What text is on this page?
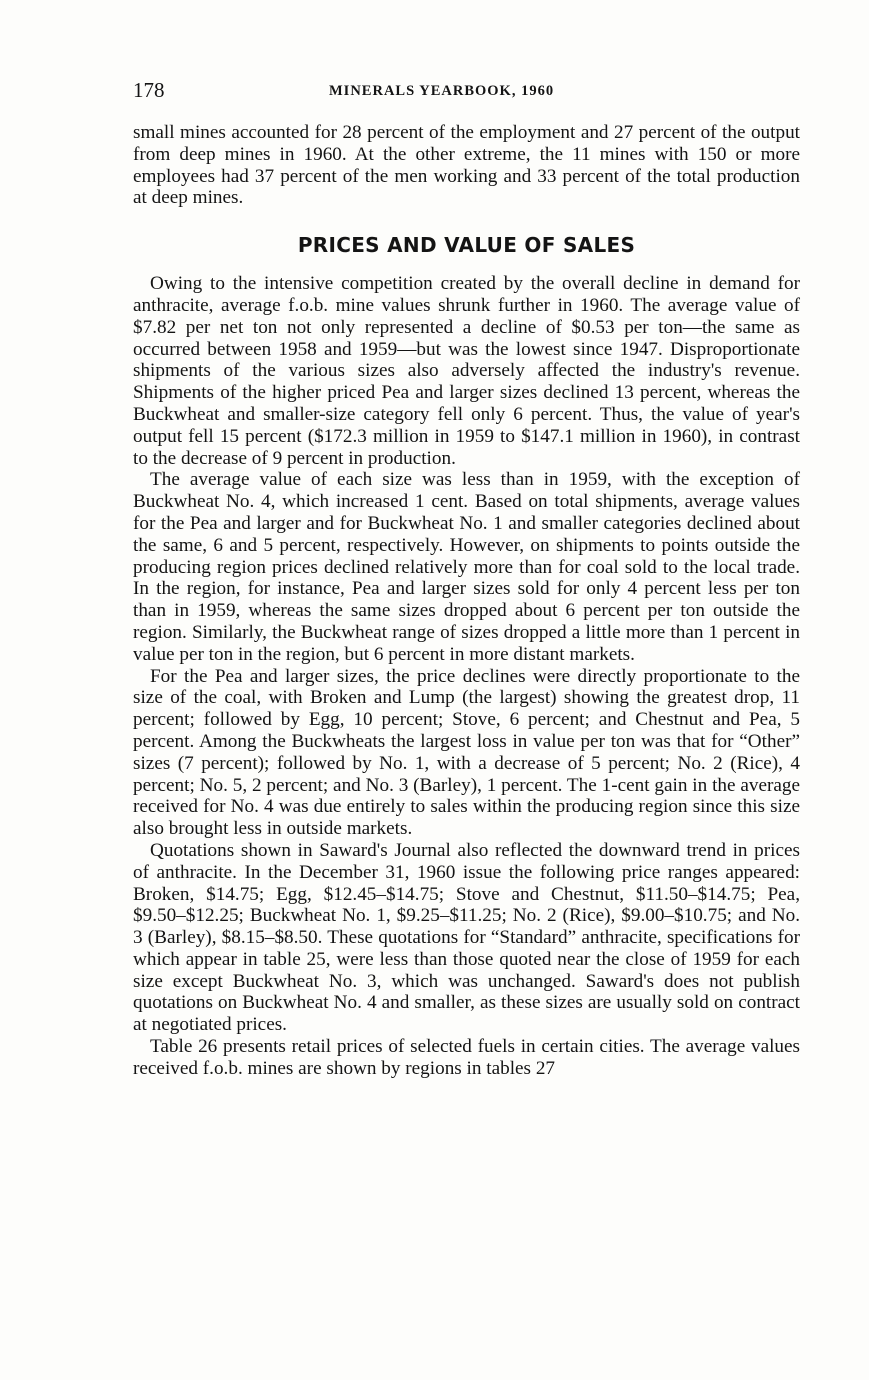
178	MINERALS YEARBOOK, 1960

small mines accounted for 28 percent of the employment and 27 percent of the output from deep mines in 1960. At the other extreme, the 11 mines with 150 or more employees had 37 percent of the men working and 33 percent of the total production at deep mines.

PRICES AND VALUE OF SALES

Owing to the intensive competition created by the overall decline in demand for anthracite, average f.o.b. mine values shrunk further in 1960. The average value of $7.82 per net ton not only represented a decline of $0.53 per ton—the same as occurred between 1958 and 1959—but was the lowest since 1947. Disproportionate shipments of the various sizes also adversely affected the industry's revenue. Shipments of the higher priced Pea and larger sizes declined 13 percent, whereas the Buckwheat and smaller-size category fell only 6 percent. Thus, the value of year's output fell 15 percent ($172.3 million in 1959 to $147.1 million in 1960), in contrast to the decrease of 9 percent in production.

The average value of each size was less than in 1959, with the exception of Buckwheat No. 4, which increased 1 cent. Based on total shipments, average values for the Pea and larger and for Buckwheat No. 1 and smaller categories declined about the same, 6 and 5 percent, respectively. However, on shipments to points outside the producing region prices declined relatively more than for coal sold to the local trade. In the region, for instance, Pea and larger sizes sold for only 4 percent less per ton than in 1959, whereas the same sizes dropped about 6 percent per ton outside the region. Similarly, the Buckwheat range of sizes dropped a little more than 1 percent in value per ton in the region, but 6 percent in more distant markets.

For the Pea and larger sizes, the price declines were directly proportionate to the size of the coal, with Broken and Lump (the largest) showing the greatest drop, 11 percent; followed by Egg, 10 percent; Stove, 6 percent; and Chestnut and Pea, 5 percent. Among the Buckwheats the largest loss in value per ton was that for “Other” sizes (7 percent); followed by No. 1, with a decrease of 5 percent; No. 2 (Rice), 4 percent; No. 5, 2 percent; and No. 3 (Barley), 1 percent. The 1-cent gain in the average received for No. 4 was due entirely to sales within the producing region since this size also brought less in outside markets.

Quotations shown in Saward's Journal also reflected the downward trend in prices of anthracite. In the December 31, 1960 issue the following price ranges appeared: Broken, $14.75; Egg, $12.45–$14.75; Stove and Chestnut, $11.50–$14.75; Pea, $9.50–$12.25; Buckwheat No. 1, $9.25–$11.25; No. 2 (Rice), $9.00–$10.75; and No. 3 (Barley), $8.15–$8.50. These quotations for “Standard” anthracite, specifications for which appear in table 25, were less than those quoted near the close of 1959 for each size except Buckwheat No. 3, which was unchanged. Saward's does not publish quotations on Buckwheat No. 4 and smaller, as these sizes are usually sold on contract at negotiated prices.

Table 26 presents retail prices of selected fuels in certain cities. The average values received f.o.b. mines are shown by regions in tables 27
